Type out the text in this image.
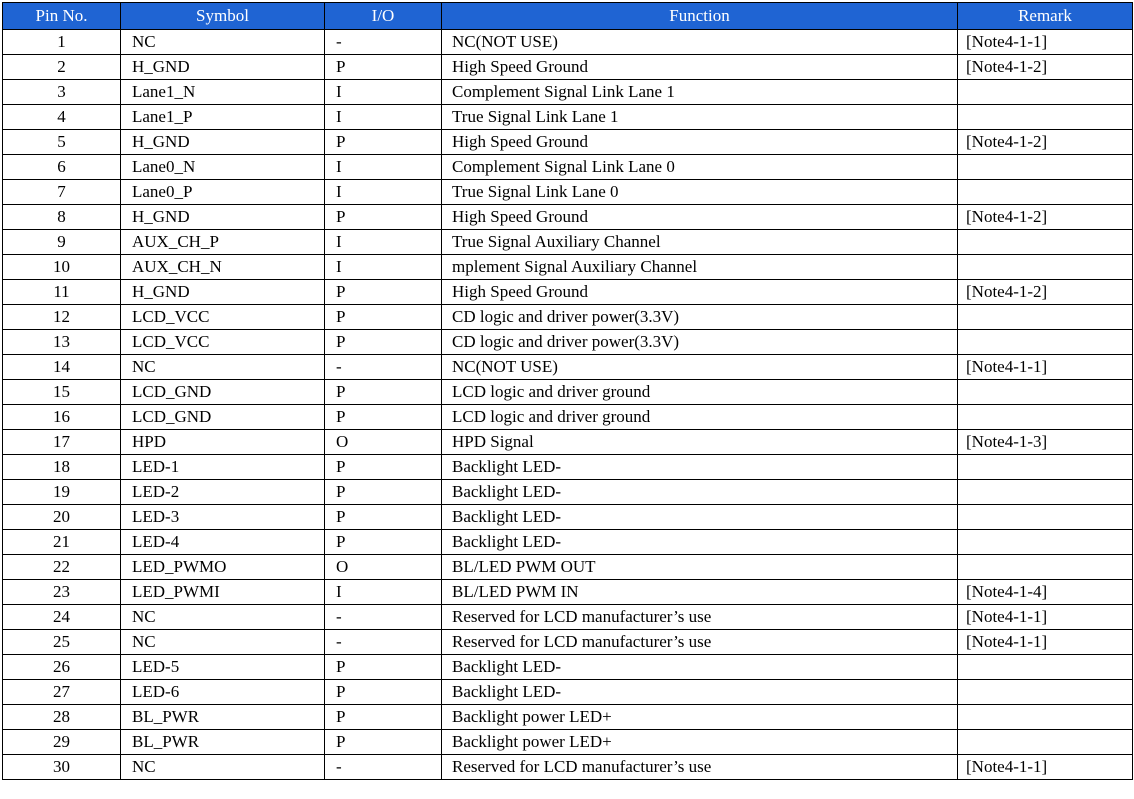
Pin No.	Symbol	I/O	Function	Remark
1	NC	-	NC(NOT USE)	[Note4-1-1]
2	H_GND	P	High Speed Ground	[Note4-1-2]
3	Lane1_N	I	Complement Signal Link Lane 1	
4	Lane1_P	I	True Signal Link Lane 1	
5	H_GND	P	High Speed Ground	[Note4-1-2]
6	Lane0_N	I	Complement Signal Link Lane 0	
7	Lane0_P	I	True Signal Link Lane 0	
8	H_GND	P	High Speed Ground	[Note4-1-2]
9	AUX_CH_P	I	True Signal Auxiliary Channel	
10	AUX_CH_N	I	mplement Signal Auxiliary Channel	
11	H_GND	P	High Speed Ground	[Note4-1-2]
12	LCD_VCC	P	CD logic and driver power(3.3V)	
13	LCD_VCC	P	CD logic and driver power(3.3V)	
14	NC	-	NC(NOT USE)	[Note4-1-1]
15	LCD_GND	P	LCD logic and driver ground	
16	LCD_GND	P	LCD logic and driver ground	
17	HPD	O	HPD Signal	[Note4-1-3]
18	LED-1	P	Backlight LED-	
19	LED-2	P	Backlight LED-	
20	LED-3	P	Backlight LED-	
21	LED-4	P	Backlight LED-	
22	LED_PWMO	O	BL/LED PWM OUT	
23	LED_PWMI	I	BL/LED PWM IN	[Note4-1-4]
24	NC	-	Reserved for LCD manufacturer’s use	[Note4-1-1]
25	NC	-	Reserved for LCD manufacturer’s use	[Note4-1-1]
26	LED-5	P	Backlight LED-	
27	LED-6	P	Backlight LED-	
28	BL_PWR	P	Backlight power LED+	
29	BL_PWR	P	Backlight power LED+	
30	NC	-	Reserved for LCD manufacturer’s use	[Note4-1-1]
